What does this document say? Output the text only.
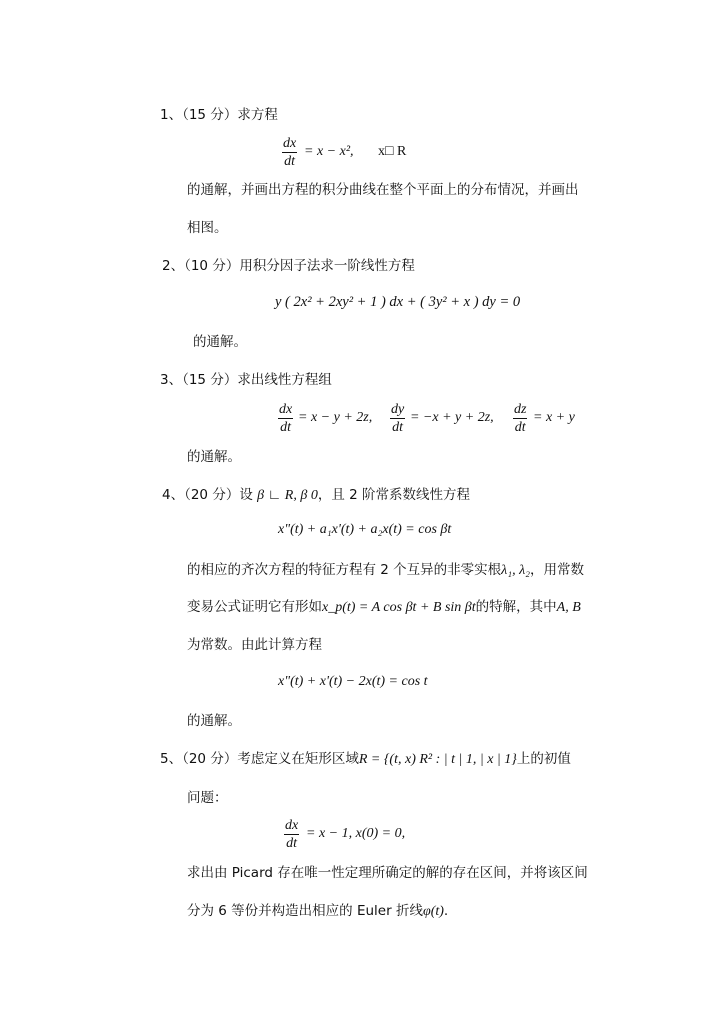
1、（15 分）求方程
$\frac{dx}{dt} = x - x^2$, x□ R
的通解，并画出方程的积分曲线在整个平面上的分布情况，并画出
相图。
2、（10 分）用积分因子法求一阶线性方程
y ( 2x² + 2xy² + 1 ) dx + ( 3y² + x ) dy = 0
的通解。
3、（15 分）求出线性方程组
$\frac{dx}{dt} = x - y + 2z$, $\frac{dy}{dt} = -x + y + 2z$, $\frac{dz}{dt} = x + y$
的通解。
4、（20 分）设 β ∟ R, β 0，且 2 阶常系数线性方程
x"(t) + a₁x'(t) + a₂x(t) = cos βt
的相应的齐次方程的特征方程有 2 个互异的非零实根λ₁, λ₂，用常数
变易公式证明它有形如x_p(t) = A cos βt + B sin βt的特解，其中A, B
为常数。由此计算方程
x"(t) + x'(t) − 2x(t) = cos t
的通解。
5、（20 分）考虑定义在矩形区域R = {(t, x) R² : | t | 1, | x | 1}上的初值
问题：
$\frac{dx}{dt} = x - 1$, x(0) = 0,
求出由 Picard 存在唯一性定理所确定的解的存在区间，并将该区间
分为 6 等份并构造出相应的 Euler 折线φ(t).
